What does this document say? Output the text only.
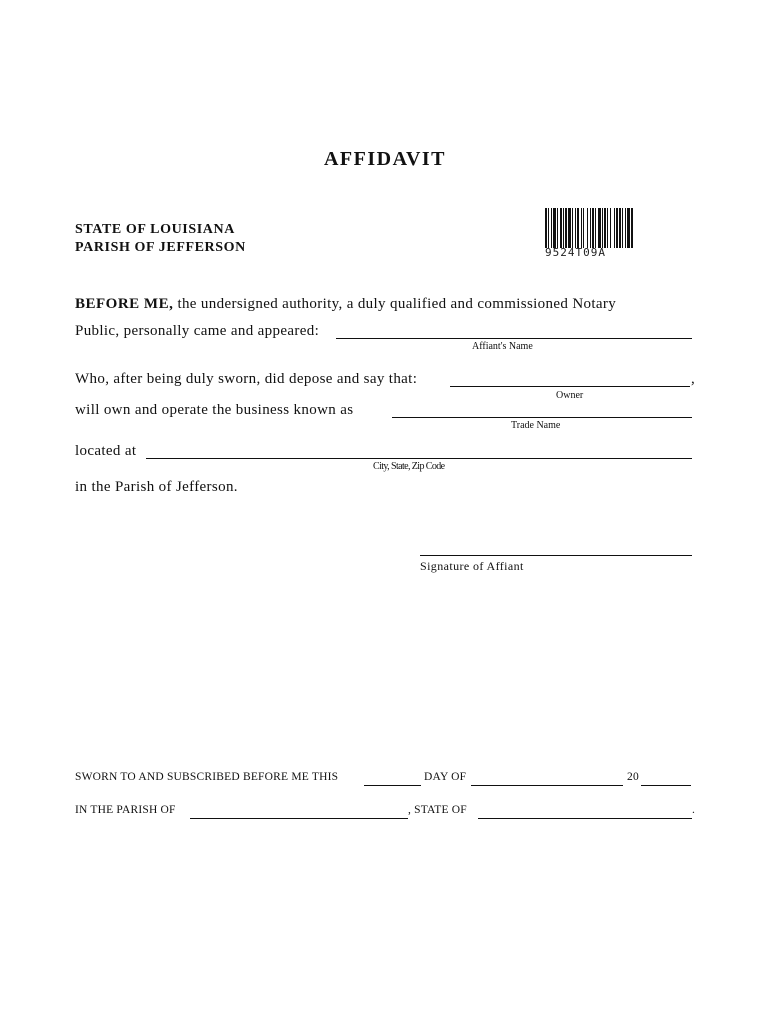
AFFIDAVIT
STATE OF LOUISIANA
PARISH OF JEFFERSON	9524T09A
BEFORE ME, the undersigned authority, a duly qualified and commissioned Notary
Public, personally came and appeared:
Affiant's Name
Who, after being duly sworn, did depose and say that:	,
Owner
will own and operate the business known as
Trade Name
located at
City, State, Zip Code
in the Parish of Jefferson.
Signature of Affiant
SWORN TO AND SUBSCRIBED BEFORE ME THIS	DAY OF	20
IN THE PARISH OF	, STATE OF	.
